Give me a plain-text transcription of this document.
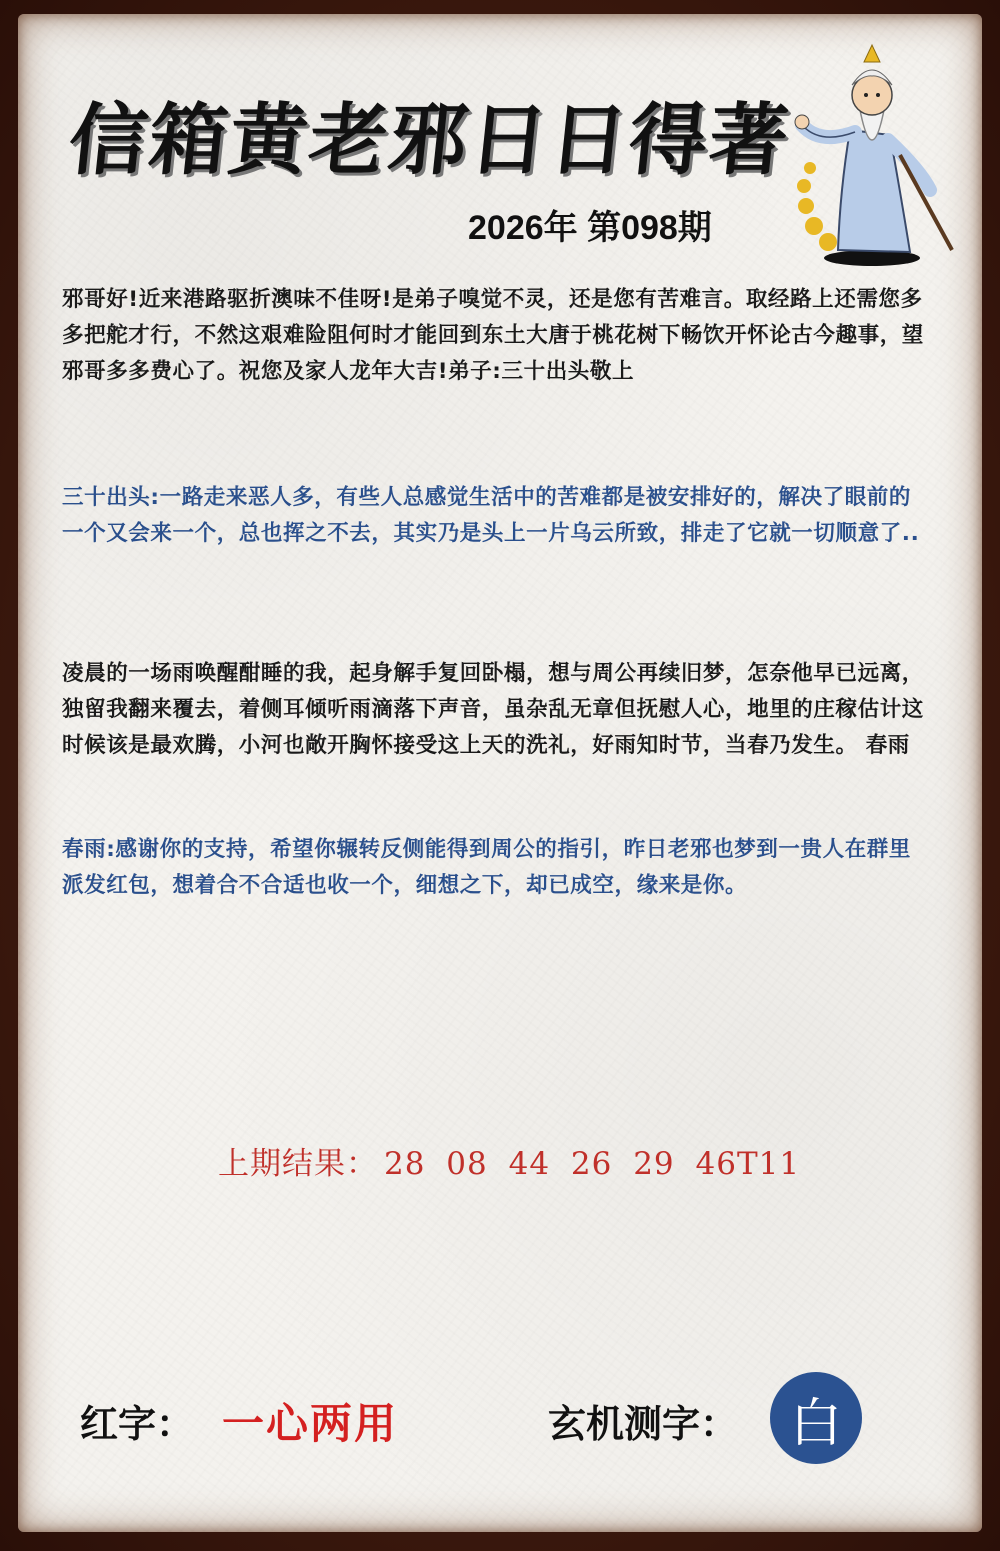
信箱黄老邪日日得著
2026年 第098期

邪哥好!近来港路驱折澳味不佳呀!是弟子嗅觉不灵，还是您有苦难言。取经路上还需您多多把舵才行，不然这艰难险阻何时才能回到东土大唐于桃花树下畅饮开怀论古今趣事，望邪哥多多费心了。祝您及家人龙年大吉!弟子:三十出头敬上

三十出头:一路走来恶人多，有些人总感觉生活中的苦难都是被安排好的，解决了眼前的一个又会来一个，总也挥之不去，其实乃是头上一片乌云所致，排走了它就一切顺意了..

凌晨的一场雨唤醒酣睡的我，起身解手复回卧榻，想与周公再续旧梦，怎奈他早已远离，独留我翻来覆去，着侧耳倾听雨滴落下声音，虽杂乱无章但抚慰人心，地里的庄稼估计这时候该是最欢腾，小河也敞开胸怀接受这上天的洗礼，好雨知时节，当春乃发生。 春雨

春雨:感谢你的支持，希望你辗转反侧能得到周公的指引，昨日老邪也梦到一贵人在群里派发红包，想着合不合适也收一个，细想之下，却已成空，缘来是你。

上期结果： 28 08 44 26 29 46T11
红字： 一心两用	玄机测字： 白
